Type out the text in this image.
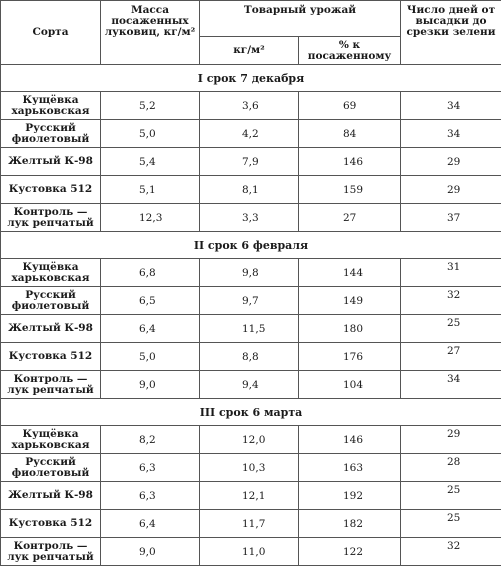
Сорта	Масса посаженных луковиц, кг/м²	Товарный урожай		Число дней от высадки до срезки зелени
		кг/м²	% к посаженному	
I срок 7 декабря				
Кущёвка харьковская	5,2	3,6	69	34
Русский фиолетовый	5,0	4,2	84	34
Желтый К-98	5,4	7,9	146	29
Кустовка 512	5,1	8,1	159	29
Контроль — лук репчатый	12,3	3,3	27	37
II срок 6 февраля				
Кущёвка харьковская	6,8	9,8	144	31
Русский фиолетовый	6,5	9,7	149	32
Желтый К-98	6,4	11,5	180	25
Кустовка 512	5,0	8,8	176	27
Контроль — лук репчатый	9,0	9,4	104	34
III срок 6 марта				
Кущёвка харьковская	8,2	12,0	146	29
Русский фиолетовый	6,3	10,3	163	28
Желтый К-98	6,3	12,1	192	25
Кустовка 512	6,4	11,7	182	25
Контроль — лук репчатый	9,0	11,0	122	32
